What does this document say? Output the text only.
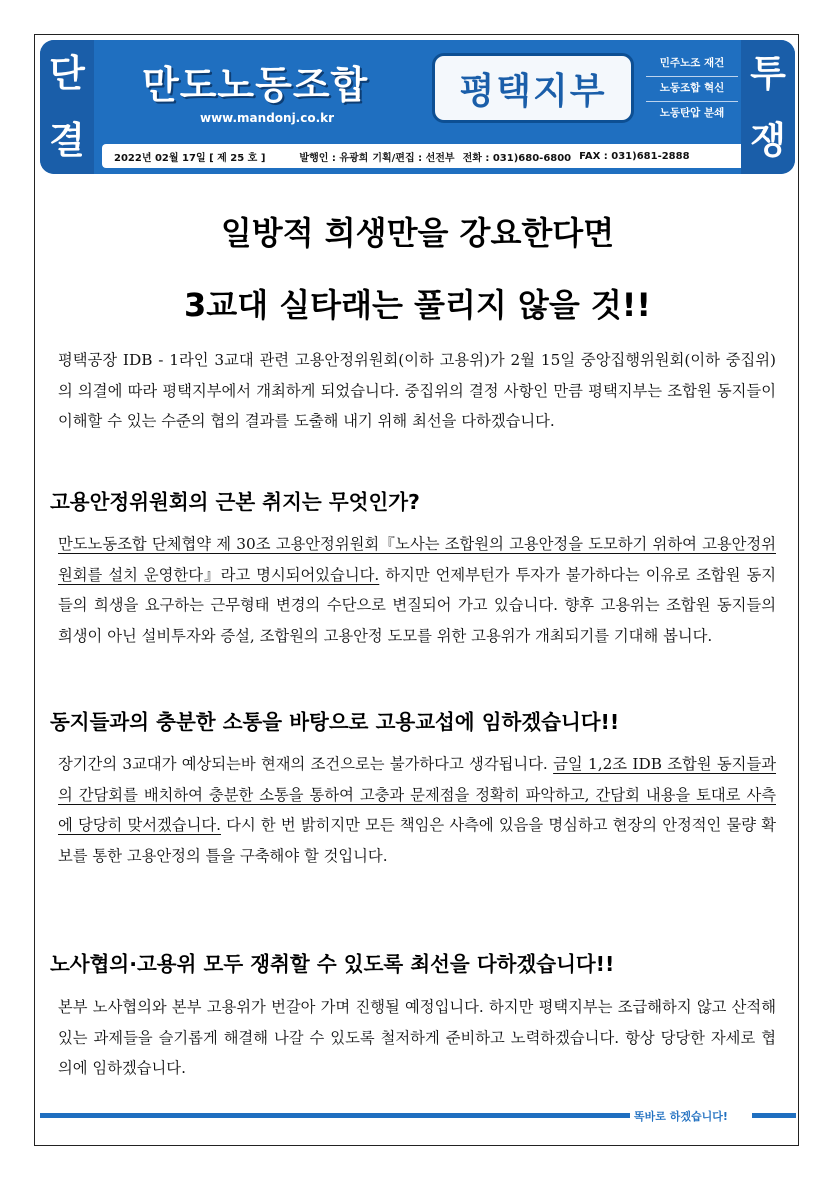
단
결
만도노동조합
www.mandonj.co.kr
평택지부
민주노조 재건
노동조합 혁신
노동탄압 분쇄
2022년 02월 17일 [ 제 25 호 ]	발행인 : 유광희 기획/편집 : 선전부 전화 : 031)680-6800 FAX : 031)681-2888
투
쟁
일방적 희생만을 강요한다면
3교대 실타래는 풀리지 않을 것!!
평택공장 IDB - 1라인 3교대 관련 고용안정위원회(이하 고용위)가 2월 15일 중앙집행위원회(이하 중집위)의 의결에 따라 평택지부에서 개최하게 되었습니다. 중집위의 결정 사항인 만큼 평택지부는 조합원 동지들이 이해할 수 있는 수준의 협의 결과를 도출해 내기 위해 최선을 다하겠습니다.
고용안정위원회의 근본 취지는 무엇인가?
만도노동조합 단체협약 제 30조 고용안정위원회『노사는 조합원의 고용안정을 도모하기 위하여 고용안정위원회를 설치 운영한다』라고 명시되어있습니다. 하지만 언제부턴가 투자가 불가하다는 이유로 조합원 동지들의 희생을 요구하는 근무형태 변경의 수단으로 변질되어 가고 있습니다. 향후 고용위는 조합원 동지들의 희생이 아닌 설비투자와 증설, 조합원의 고용안정 도모를 위한 고용위가 개최되기를 기대해 봅니다.
동지들과의 충분한 소통을 바탕으로 고용교섭에 임하겠습니다!!
장기간의 3교대가 예상되는바 현재의 조건으로는 불가하다고 생각됩니다. 금일 1,2조 IDB 조합원 동지들과의 간담회를 배치하여 충분한 소통을 통하여 고충과 문제점을 정확히 파악하고, 간담회 내용을 토대로 사측에 당당히 맞서겠습니다. 다시 한 번 밝히지만 모든 책임은 사측에 있음을 명심하고 현장의 안정적인 물량 확보를 통한 고용안정의 틀을 구축해야 할 것입니다.
노사협의·고용위 모두 쟁취할 수 있도록 최선을 다하겠습니다!!
본부 노사협의와 본부 고용위가 번갈아 가며 진행될 예정입니다. 하지만 평택지부는 조급해하지 않고 산적해 있는 과제들을 슬기롭게 해결해 나갈 수 있도록 철저하게 준비하고 노력하겠습니다. 항상 당당한 자세로 협의에 임하겠습니다.
똑바로 하겠습니다!
